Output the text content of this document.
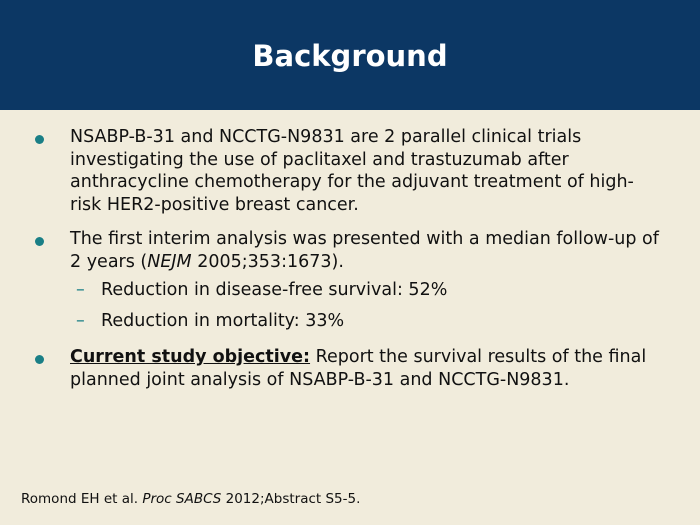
Background
NSABP-B-31 and NCCTG-N9831 are 2 parallel clinical trials investigating the use of paclitaxel and trastuzumab after anthracycline chemotherapy for the adjuvant treatment of high-risk HER2-positive breast cancer.
The first interim analysis was presented with a median follow-up of 2 years (NEJM 2005;353:1673).
– Reduction in disease-free survival: 52%
– Reduction in mortality: 33%
Current study objective: Report the survival results of the final planned joint analysis of NSABP-B-31 and NCCTG-N9831.
Romond EH et al. Proc SABCS 2012;Abstract S5-5.
